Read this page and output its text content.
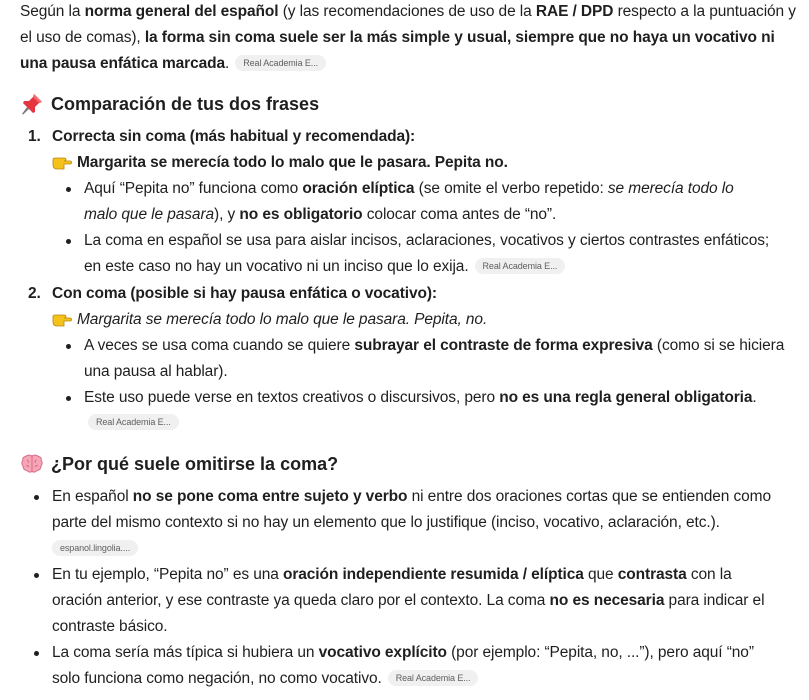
Según la norma general del español (y las recomendaciones de uso de la RAE / DPD respecto a la puntuación y el uso de comas), la forma sin coma suele ser la más simple y usual, siempre que no haya un vocativo ni una pausa enfática marcada. Real Academia E...

Comparación de tus dos frases
1. Correcta sin coma (más habitual y recomendada):
Margarita se merecía todo lo malo que le pasara. Pepita no.
Aquí “Pepita no” funciona como oración elíptica (se omite el verbo repetido: se merecía todo lo
malo que le pasara), y no es obligatorio colocar coma antes de “no”.
La coma en español se usa para aislar incisos, aclaraciones, vocativos y ciertos contrastes enfáticos;
en este caso no hay un vocativo ni un inciso que lo exija. Real Academia E...
2. Con coma (posible si hay pausa enfática o vocativo):
Margarita se merecía todo lo malo que le pasara. Pepita, no.
A veces se usa coma cuando se quiere subrayar el contraste de forma expresiva (como si se hiciera
una pausa al hablar).
Este uso puede verse en textos creativos o discursivos, pero no es una regla general obligatoria.
Real Academia E...
¿Por qué suele omitirse la coma?
En español no se pone coma entre sujeto y verbo ni entre dos oraciones cortas que se entienden como
parte del mismo contexto si no hay un elemento que lo justifique (inciso, vocativo, aclaración, etc.).
espanol.lingolia....
En tu ejemplo, “Pepita no” es una oración independiente resumida / elíptica que contrasta con la
oración anterior, y ese contraste ya queda claro por el contexto. La coma no es necesaria para indicar el
contraste básico.
La coma sería más típica si hubiera un vocativo explícito (por ejemplo: “Pepita, no, ...”), pero aquí “no”
solo funciona como negación, no como vocativo. Real Academia E...
